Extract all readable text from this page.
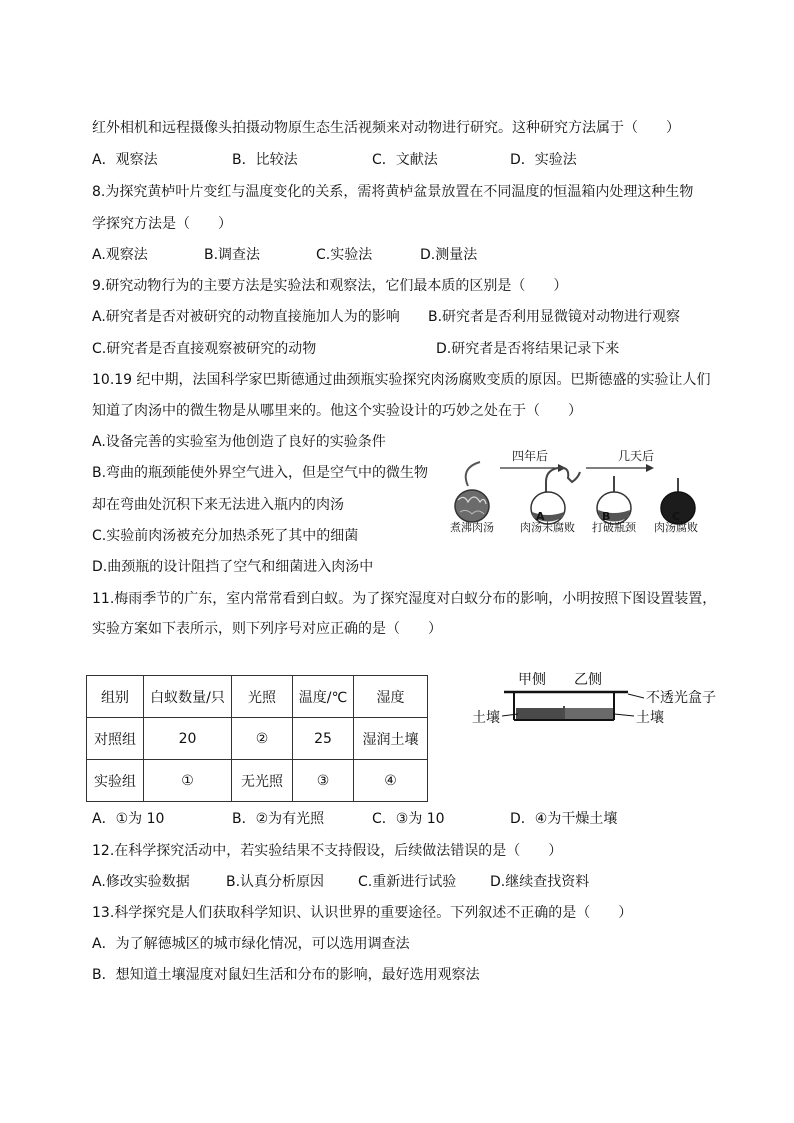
红外相机和远程摄像头拍摄动物原生态生活视频来对动物进行研究。这种研究方法属于（　　）
A．观察法	B．比较法	C．文献法	D．实验法
8.为探究黄栌叶片变红与温度变化的关系，需将黄栌盆景放置在不同温度的恒温箱内处理这种生物
学探究方法是（　　）
A.观察法	B.调查法	C.实验法	D.测量法
9.研究动物行为的主要方法是实验法和观察法，它们最本质的区别是（　　）
A.研究者是否对被研究的动物直接施加人为的影响 B.研究者是否利用显微镜对动物进行观察
C.研究者是否直接观察被研究的动物	D.研究者是否将结果记录下来
10.19 纪中期，法国科学家巴斯德通过曲颈瓶实验探究肉汤腐败变质的原因。巴斯德盛的实验让人们
知道了肉汤中的微生物是从哪里来的。他这个实验设计的巧妙之处在于（　　）
A.设备完善的实验室为他创造了良好的实验条件
B.弯曲的瓶颈能使外界空气进入，但是空气中的微生物
却在弯曲处沉积下来无法进入瓶内的肉汤
C.实验前肉汤被充分加热杀死了其中的细菌
D.曲颈瓶的设计阻挡了空气和细菌进入肉汤中
四年后	几天后
A	B	C
煮沸肉汤 肉汤未腐败 打破瓶颈 肉汤腐败
11.梅雨季节的广东，室内常常看到白蚁。为了探究湿度对白蚁分布的影响，小明按照下图设置装置，
实验方案如下表所示，则下列序号对应正确的是（　　）
组别	白蚁数量/只	光照	温度/℃	湿度
对照组	20	②	25	湿润土壤
实验组	①	无光照	③	④
甲侧 乙侧
不透光盒子
土壤
土壤
A．①为 10	B．②为有光照	C．③为 10	D．④为干燥土壤
12.在科学探究活动中，若实验结果不支持假设，后续做法错误的是（　　）
A.修改实验数据	B.认真分析原因 C.重新进行试验 D.继续查找资料
13.科学探究是人们获取科学知识、认识世界的重要途径。下列叙述不正确的是（　　）
A．为了解德城区的城市绿化情况，可以选用调查法
B．想知道土壤湿度对鼠妇生活和分布的影响，最好选用观察法
